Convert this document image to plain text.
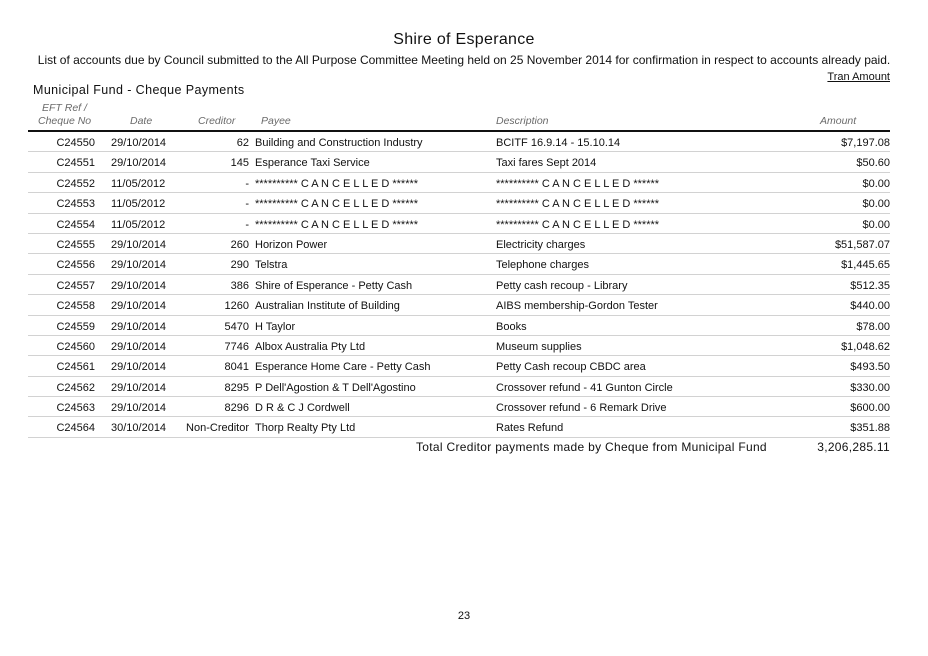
Shire of Esperance
List of accounts due by Council submitted to the All Purpose Committee Meeting held on 25 November 2014 for confirmation in respect to accounts already paid.
Tran Amount
Municipal Fund - Cheque Payments
EFT Ref /
Cheque No	Date	Creditor Payee	Description	Amount
C24550 29/10/2014	62 Building and Construction Industry	BCITF 16.9.14 - 15.10.14	$7,197.08
C24551 29/10/2014	145 Esperance Taxi Service	Taxi fares Sept 2014	$50.60
C24552 11/05/2012	- ********** C A N C E L L E D ******	********** C A N C E L L E D ******	$0.00
C24553 11/05/2012	- ********** C A N C E L L E D ******	********** C A N C E L L E D ******	$0.00
C24554 11/05/2012	- ********** C A N C E L L E D ******	********** C A N C E L L E D ******	$0.00
C24555 29/10/2014	260 Horizon Power	Electricity charges	$51,587.07
C24556 29/10/2014	290 Telstra	Telephone charges	$1,445.65
C24557 29/10/2014	386 Shire of Esperance - Petty Cash	Petty cash recoup - Library	$512.35
C24558 29/10/2014	1260 Australian Institute of Building	AIBS membership-Gordon Tester	$440.00
C24559 29/10/2014	5470 H Taylor	Books	$78.00
C24560 29/10/2014	7746 Albox Australia Pty Ltd	Museum supplies	$1,048.62
C24561 29/10/2014	8041 Esperance Home Care - Petty Cash	Petty Cash recoup CBDC area	$493.50
C24562 29/10/2014	8295 P Dell'Agostion & T Dell'Agostino	Crossover refund - 41 Gunton Circle	$330.00
C24563 29/10/2014	8296 D R & C J Cordwell	Crossover refund - 6 Remark Drive	$600.00
C24564 30/10/2014	Non-Creditor Thorp Realty Pty Ltd	Rates Refund	$351.88
Total Creditor payments made by Cheque from Municipal Fund	3,206,285.11
23
